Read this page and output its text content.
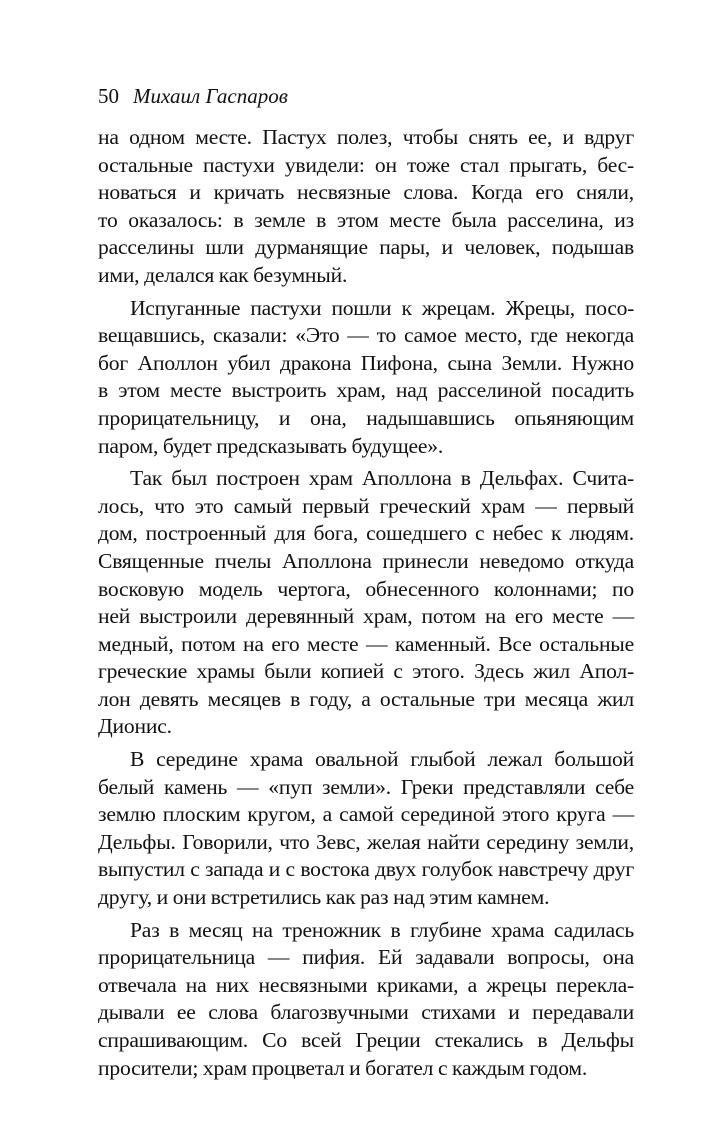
50 Михаил Гаспаров
на одном месте. Пастух полез, чтобы снять ее, и вдруг
остальные пастухи увидели: он тоже стал прыгать, бес-
новаться и кричать несвязные слова. Когда его сняли,
то оказалось: в земле в этом месте была расселина, из
расселины шли дурманящие пары, и человек, подышав
ими, делался как безумный.
Испуганные пастухи пошли к жрецам. Жрецы, посо-
вещавшись, сказали: «Это — то самое место, где некогда
бог Аполлон убил дракона Пифона, сына Земли. Нужно
в этом месте выстроить храм, над расселиной посадить
прорицательницу, и она, надышавшись опьяняющим
паром, будет предсказывать будущее».
Так был построен храм Аполлона в Дельфах. Считa-
лось, что это самый первый греческий храм — первый
дом, построенный для бога, сошедшего с небес к людям.
Священные пчелы Аполлона принесли неведомо откуда
восковую модель чертога, обнесенного колоннами; по
ней выстроили деревянный храм, потом на его месте —
медный, потом на его месте — каменный. Все остальные
греческие храмы были копией с этого. Здесь жил Апол-
лон девять месяцев в году, а остальные три месяца жил
Дионис.
В середине храма овальной глыбой лежал большой
белый камень — «пуп земли». Греки представляли себе
землю плоским кругом, а самой серединой этого круга —
Дельфы. Говорили, что Зевс, желая найти середину земли,
выпустил с запада и с востока двух голубок навстречу друг
другу, и они встретились как раз над этим камнем.
Раз в месяц на треножник в глубине храма садилась
прорицательница — пифия. Ей задавали вопросы, она
отвечала на них несвязными криками, а жрецы перекла-
дывали ее слова благозвучными стихами и передавали
спрашивающим. Со всей Греции стекались в Дельфы
просители; храм процветал и богател с каждым годом.
